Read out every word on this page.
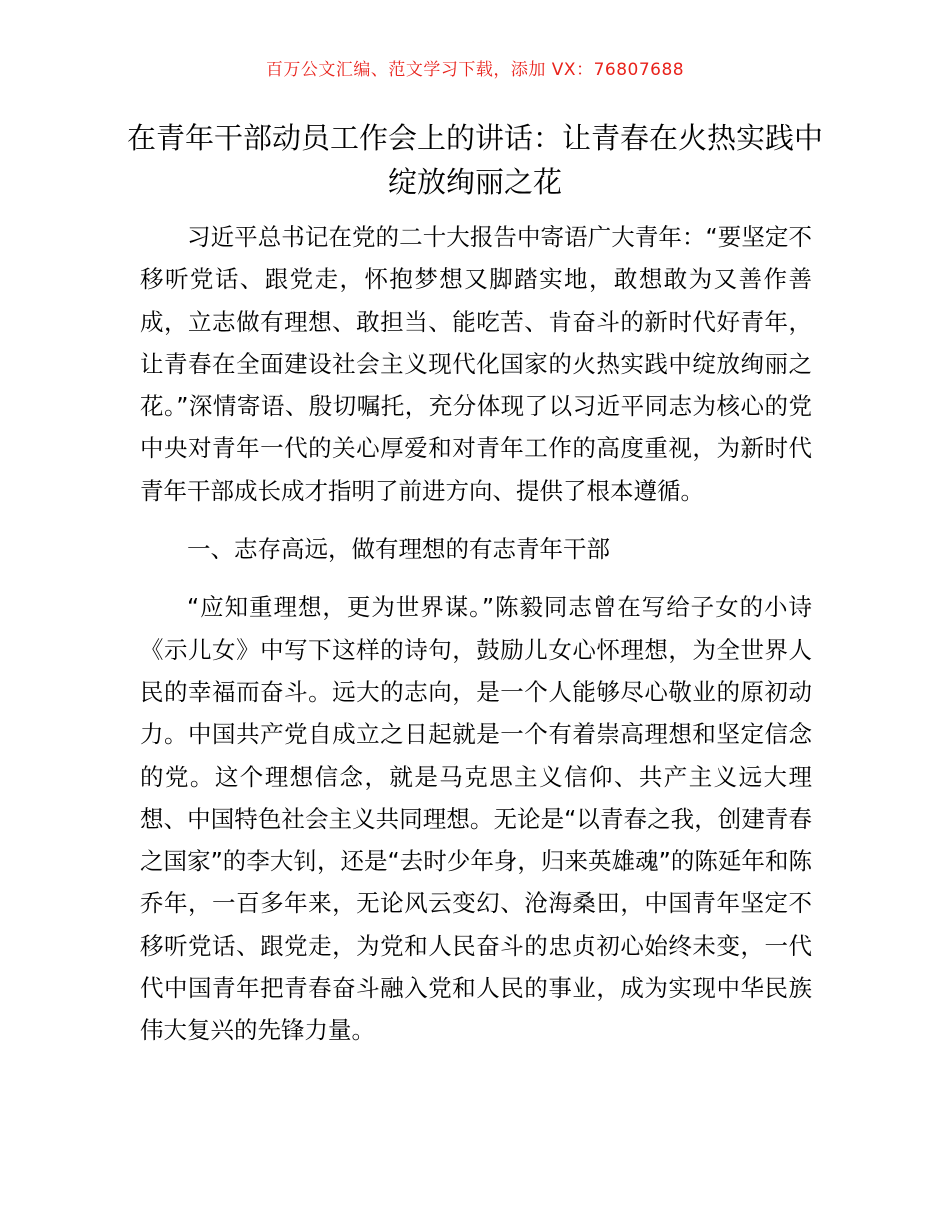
百万公文汇编、范文学习下载，添加 VX：76807688
在青年干部动员工作会上的讲话：让青春在火热实践中绽放绚丽之花

习近平总书记在党的二十大报告中寄语广大青年：“要坚定不移听党话、跟党走，怀抱梦想又脚踏实地，敢想敢为又善作善成，立志做有理想、敢担当、能吃苦、肯奋斗的新时代好青年，让青春在全面建设社会主义现代化国家的火热实践中绽放绚丽之花。”深情寄语、殷切嘱托，充分体现了以习近平同志为核心的党中央对青年一代的关心厚爱和对青年工作的高度重视，为新时代青年干部成长成才指明了前进方向、提供了根本遵循。

一、志存高远，做有理想的有志青年干部

“应知重理想，更为世界谋。”陈毅同志曾在写给子女的小诗《示儿女》中写下这样的诗句，鼓励儿女心怀理想，为全世界人民的幸福而奋斗。远大的志向，是一个人能够尽心敬业的原初动力。中国共产党自成立之日起就是一个有着崇高理想和坚定信念的党。这个理想信念，就是马克思主义信仰、共产主义远大理想、中国特色社会主义共同理想。无论是“以青春之我，创建青春之国家”的李大钊，还是“去时少年身，归来英雄魂”的陈延年和陈乔年，一百多年来，无论风云变幻、沧海桑田，中国青年坚定不移听党话、跟党走，为党和人民奋斗的忠贞初心始终未变，一代代中国青年把青春奋斗融入党和人民的事业，成为实现中华民族伟大复兴的先锋力量。
